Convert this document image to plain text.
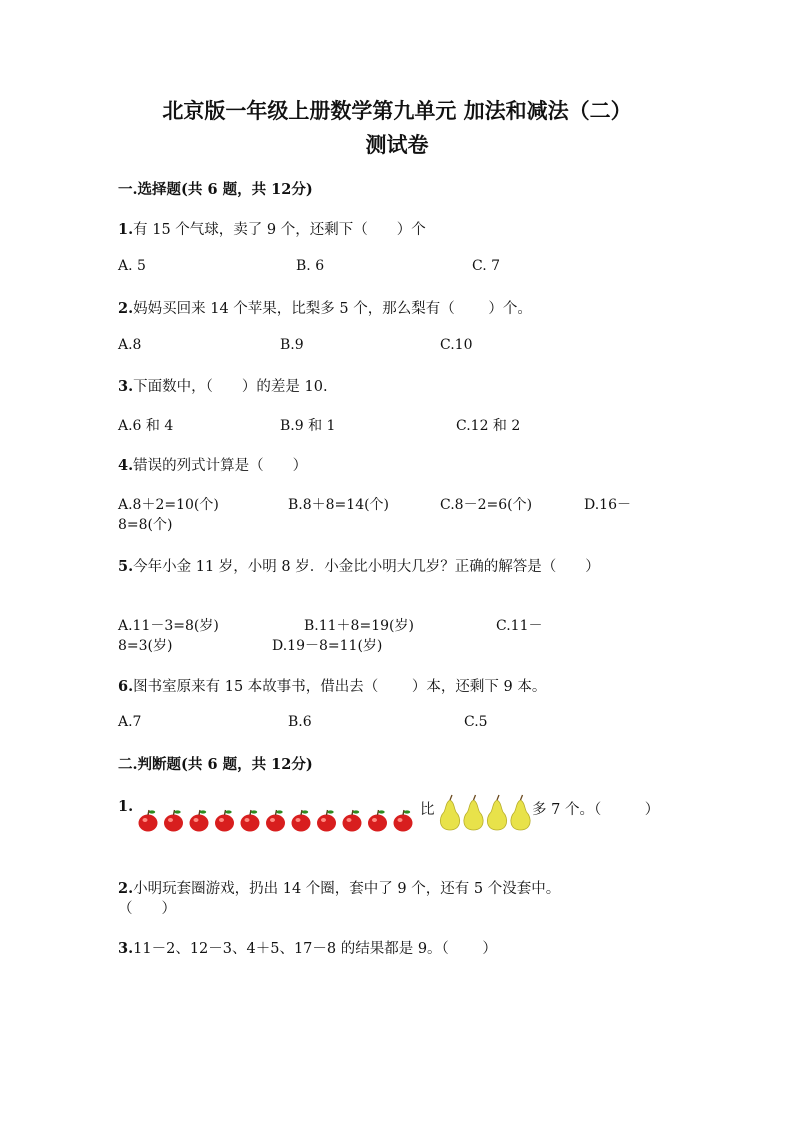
北京版一年级上册数学第九单元 加法和减法（二）
测试卷
一.选择题(共 6 题，共 12分)
1.有 15 个气球，卖了 9 个，还剩下（　　）个
A. 5	B. 6	C. 7
2.妈妈买回来 14 个苹果，比梨多 5 个，那么梨有（　　 ）个。
A.8	B.9	C.10
3.下面数中，（　　）的差是 10.
A.6 和 4	B.9 和 1	C.12 和 2
4.错误的列式计算是（　　）
A.8＋2=10(个)	B.8＋8=14(个)	C.8－2=6(个)	D.16－
8=8(个)
5.今年小金 11 岁，小明 8 岁．小金比小明大几岁？正确的解答是（　　）
A.11－3=8(岁)	B.11＋8=19(岁)	C.11－
8=3(岁)	D.19－8=11(岁)
6.图书室原来有 15 本故事书，借出去（　　 ）本，还剩下 9 本。
A.7	B.6	C.5
二.判断题(共 6 题，共 12分)
1.	比	多 7 个。（　　　）
2.小明玩套圈游戏，扔出 14 个圈，套中了 9 个，还有 5 个没套中。
（　　）
3.11－2、12－3、4＋5、17－8 的结果都是 9。（　　 ）
